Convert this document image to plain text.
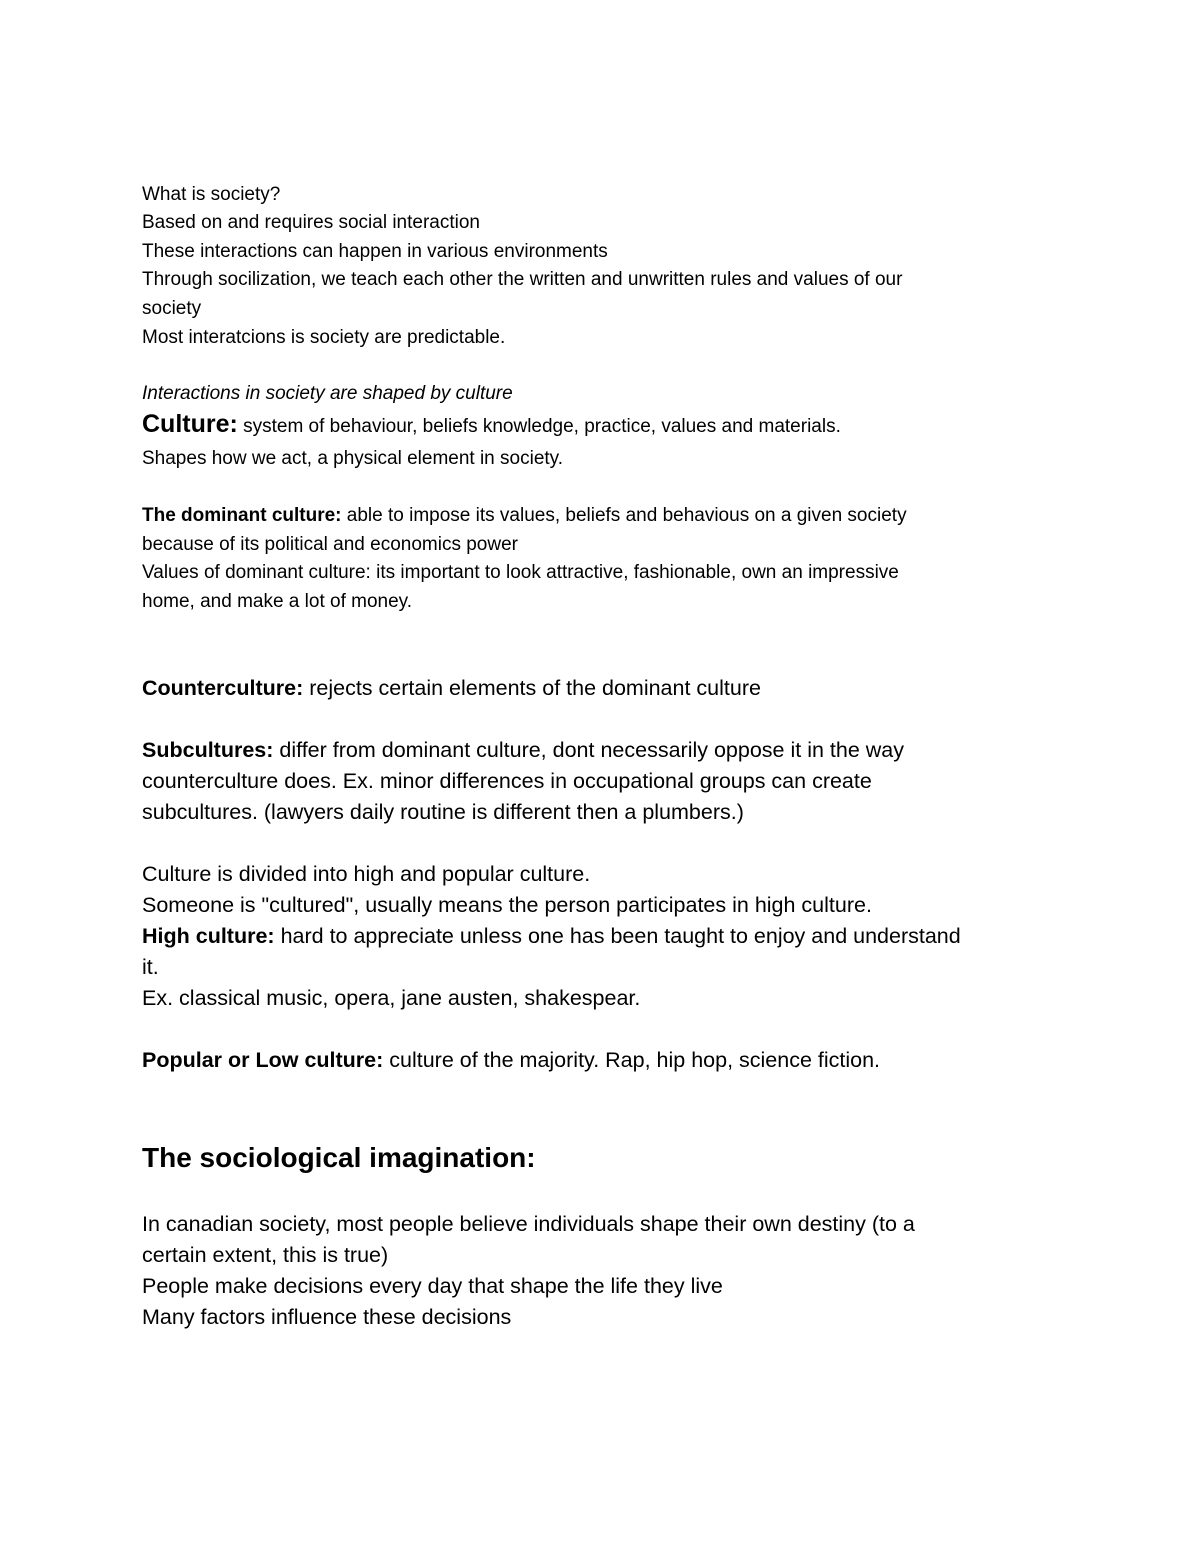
What is society?
Based on and requires social interaction
These interactions can happen in various environments
Through socilization, we teach each other the written and unwritten rules and values of our
society
Most interatcions is society are predictable.
Interactions in society are shaped by culture
Culture: system of behaviour, beliefs knowledge, practice, values and materials.
Shapes how we act, a physical element in society.
The dominant culture: able to impose its values, beliefs and behavious on a given society
because of its political and economics power
Values of dominant culture: its important to look attractive, fashionable, own an impressive
home, and make a lot of money.
Counterculture: rejects certain elements of the dominant culture
Subcultures: differ from dominant culture, dont necessarily oppose it in the way
counterculture does. Ex. minor differences in occupational groups can create
subcultures. (lawyers daily routine is different then a plumbers.)
Culture is divided into high and popular culture.
Someone is "cultured", usually means the person participates in high culture.
High culture: hard to appreciate unless one has been taught to enjoy and understand
it.
Ex. classical music, opera, jane austen, shakespear.
Popular or Low culture: culture of the majority. Rap, hip hop, science fiction.
The sociological imagination:
In canadian society, most people believe individuals shape their own destiny (to a
certain extent, this is true)
People make decisions every day that shape the life they live
Many factors influence these decisions
